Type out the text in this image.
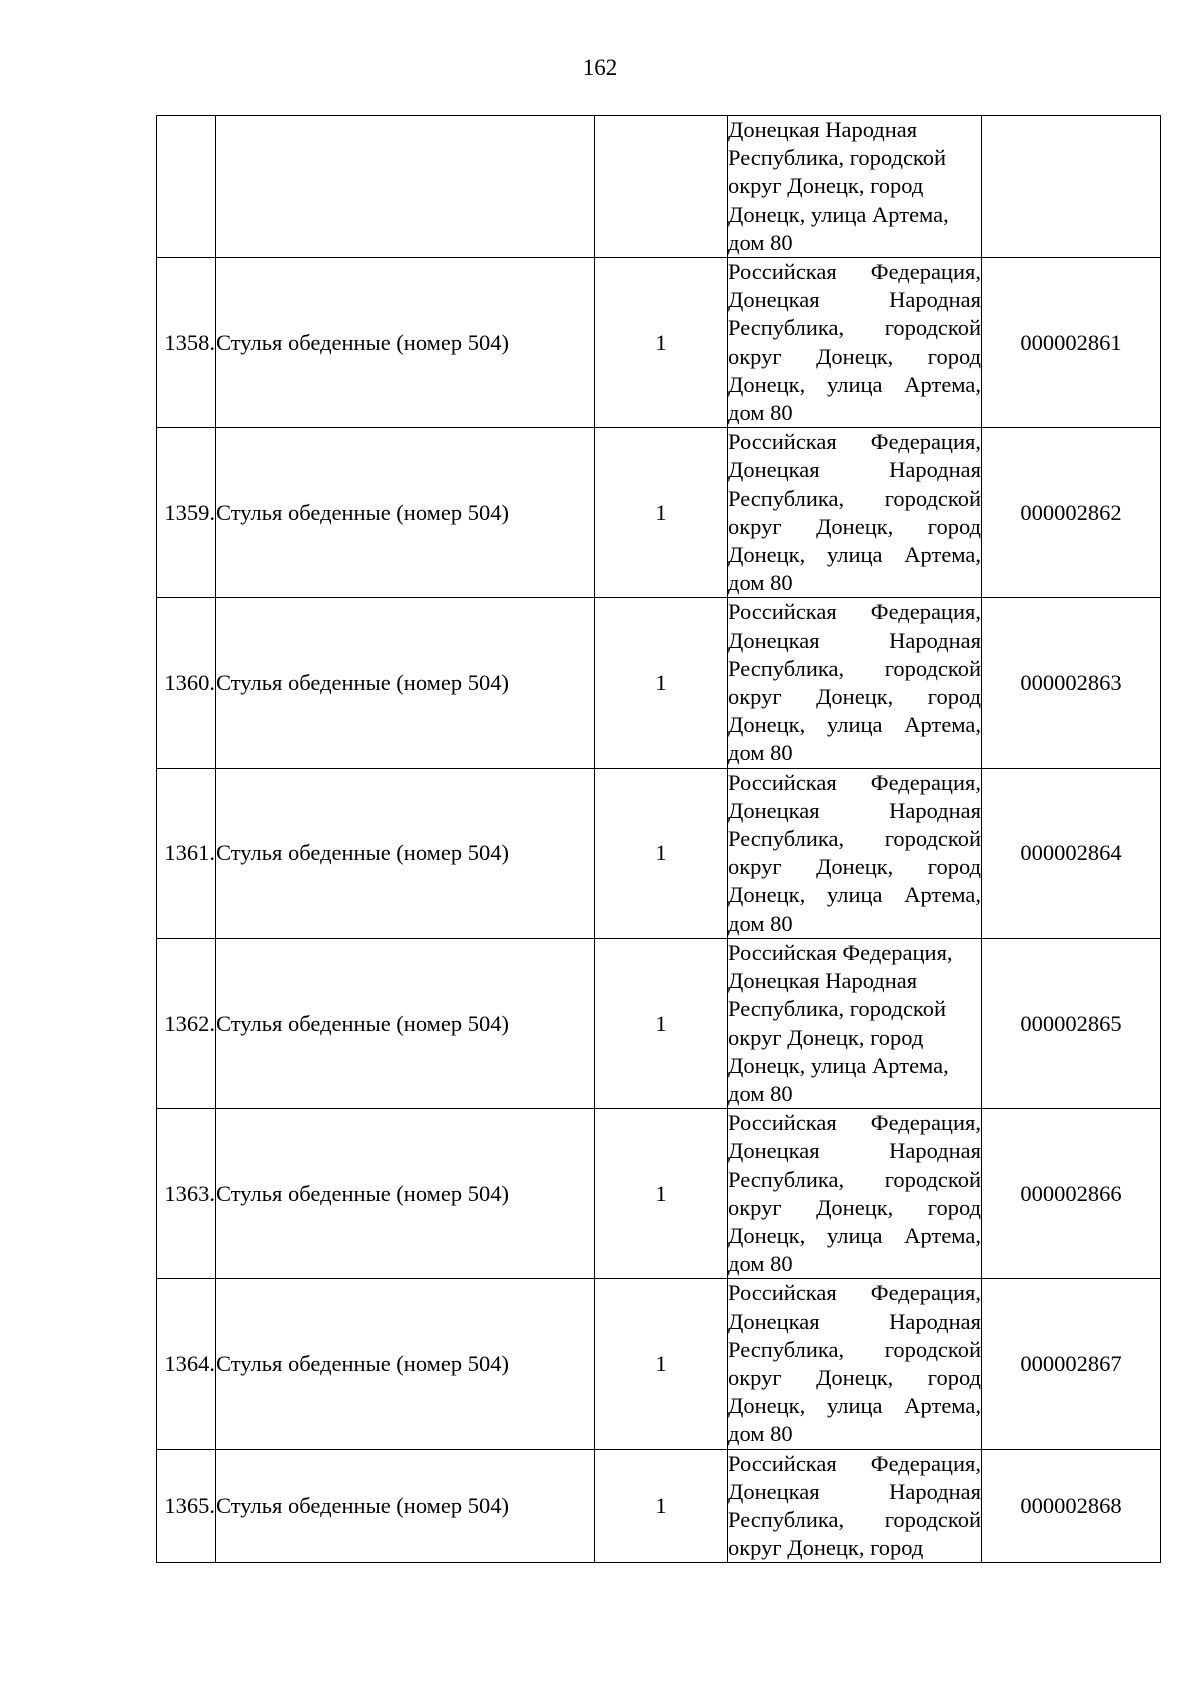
162

			Донецкая Народная Республика, городской округ Донецк, город Донецк, улица Артема, дом 80	

1358.	Стулья обеденные (номер 504)	1	Российская Федерация, Донецкая Народная Республика, городской округ Донецк, город Донецк, улица Артема, дом 80	000002861
1359.	Стулья обеденные (номер 504)	1	Российская Федерация, Донецкая Народная Республика, городской округ Донецк, город Донецк, улица Артема, дом 80	000002862
1360.	Стулья обеденные (номер 504)	1	Российская Федерация, Донецкая Народная Республика, городской округ Донецк, город Донецк, улица Артема, дом 80	000002863
1361.	Стулья обеденные (номер 504)	1	Российская Федерация, Донецкая Народная Республика, городской округ Донецк, город Донецк, улица Артема, дом 80	000002864
1362.	Стулья обеденные (номер 504)	1	Российская Федерация, Донецкая Народная Республика, городской округ Донецк, город Донецк, улица Артема, дом 80	000002865
1363.	Стулья обеденные (номер 504)	1	Российская Федерация, Донецкая Народная Республика, городской округ Донецк, город Донецк, улица Артема, дом 80	000002866
1364.	Стулья обеденные (номер 504)	1	Российская Федерация, Донецкая Народная Республика, городской округ Донецк, город Донецк, улица Артема, дом 80	000002867
1365.	Стулья обеденные (номер 504)	1	Российская Федерация, Донецкая Народная Республика, городской округ Донецк, город	000002868
